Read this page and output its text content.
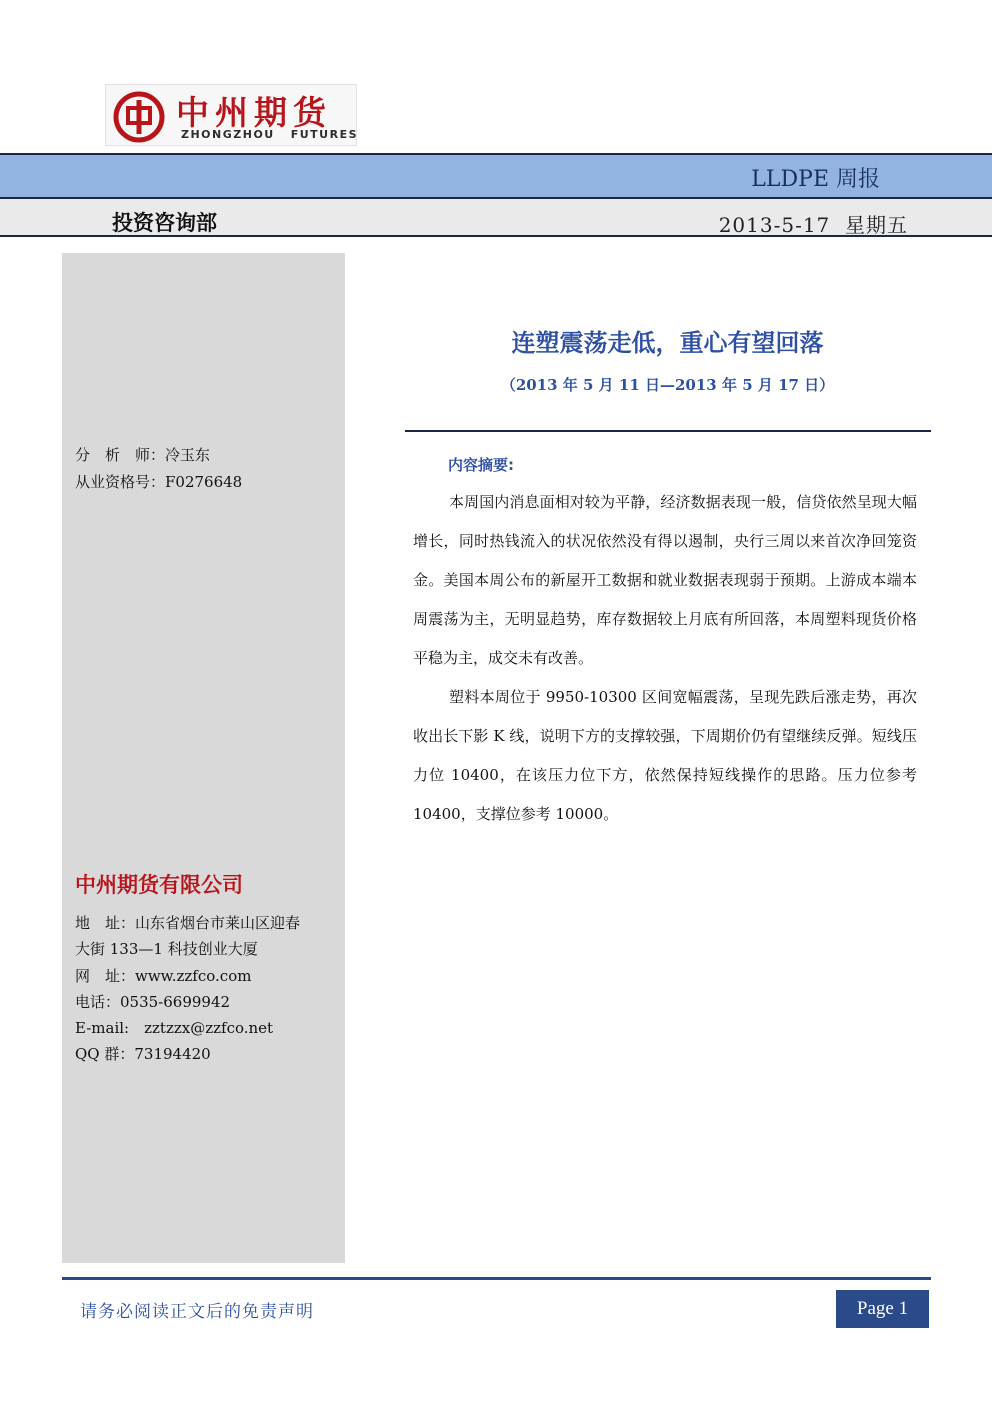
中州期货
ZHONGZHOU   FUTURES
LLDPE 周报
投资咨询部	2013-5-17  星期五
分　析　师：冷玉东
从业资格号：F0276648
中州期货有限公司
地　址：山东省烟台市莱山区迎春
大街 133—1 科技创业大厦
网　址：www.zzfco.com
电话：0535-6699942
E-mail:　zztzzx@zzfco.net
QQ 群：73194420
连塑震荡走低，重心有望回落
（2013 年 5 月 11 日—2013 年 5 月 17 日）
内容摘要:

本周国内消息面相对较为平静，经济数据表现一般，信贷依然呈现大幅增长，同时热钱流入的状况依然没有得以遏制，央行三周以来首次净回笼资金。美国本周公布的新屋开工数据和就业数据表现弱于预期。上游成本端本周震荡为主，无明显趋势，库存数据较上月底有所回落，本周塑料现货价格平稳为主，成交未有改善。

塑料本周位于 9950-10300 区间宽幅震荡，呈现先跌后涨走势，再次收出长下影 K 线，说明下方的支撑较强，下周期价仍有望继续反弹。短线压力位 10400，在该压力位下方，依然保持短线操作的思路。压力位参考 10400，支撑位参考 10000。

请务必阅读正文后的免责声明	Page 1
